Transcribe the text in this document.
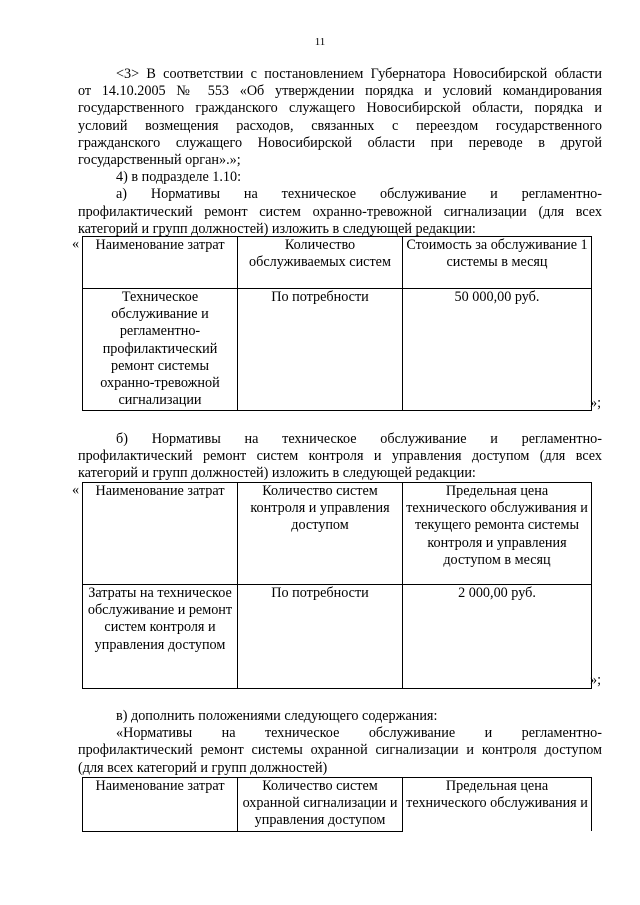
11
<3> В соответствии с постановлением Губернатора Новосибирской области
от 14.10.2005 № 553 «Об утверждении порядка и условий командирования
государственного гражданского служащего Новосибирской области, порядка и
условий возмещения расходов, связанных с переездом государственного
гражданского служащего Новосибирской области при переводе в другой
государственный орган».»;
4) в подразделе 1.10:
а) Нормативы на техническое обслуживание и регламентно-
профилактический ремонт систем охранно-тревожной сигнализации (для всех
категорий и групп должностей) изложить в следующей редакции:
« Наименование затрат	Количество обслуживаемых систем	Стоимость за обслуживание 1 системы в месяц
Техническое обслуживание и регламентно-профилактический ремонт системы охранно-тревожной сигнализации	По потребности	50 000,00 руб.
»;
б) Нормативы на техническое обслуживание и регламентно-
профилактический ремонт систем контроля и управления доступом (для всех
категорий и групп должностей) изложить в следующей редакции:
« Наименование затрат	Количество систем контроля и управления доступом	Предельная цена технического обслуживания и текущего ремонта системы контроля и управления доступом в месяц
Затраты на техническое обслуживание и ремонт систем контроля и управления доступом	По потребности	2 000,00 руб.
»;
в) дополнить положениями следующего содержания:
«Нормативы на техническое обслуживание и регламентно-
профилактический ремонт системы охранной сигнализации и контроля доступом
(для всех категорий и групп должностей)
Наименование затрат	Количество систем охранной сигнализации и управления доступом	Предельная цена технического обслуживания и
